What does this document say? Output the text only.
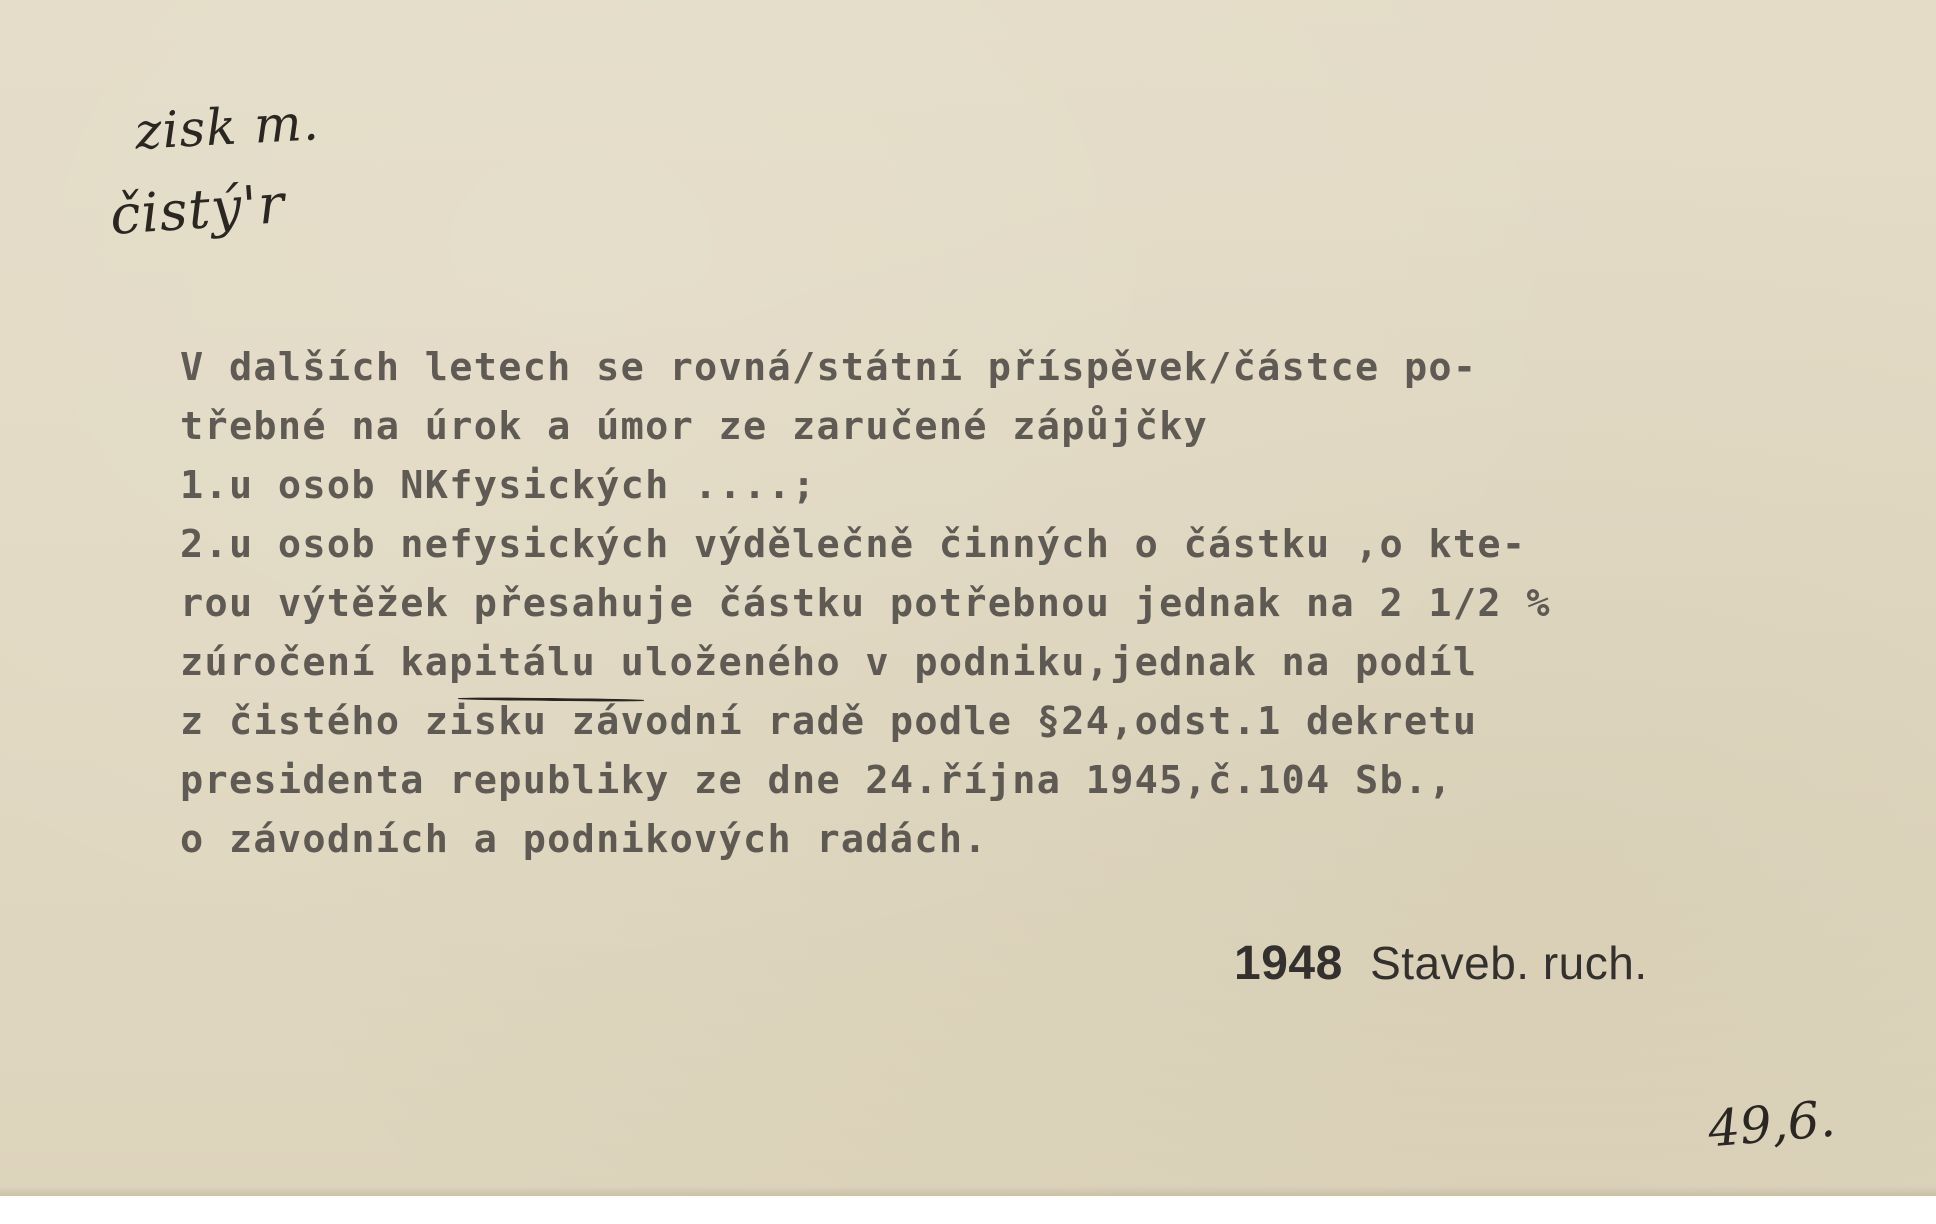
zisk m.
čistý'r
V dalších letech se rovná/státní příspěvek/částce po-
třebné na úrok a úmor ze zaručené zápůjčky
1.u osob NKfysických ....;
2.u osob nefysických výdělečně činných o částku ,o kte-
rou výtěžek přesahuje částku potřebnou jednak na 2 1/2 %
zúročení kapitálu uloženého v podniku,jednak na podíl
z čistého zisku závodní radě podle §24,odst.1 dekretu
presidenta republiky ze dne 24.října 1945,č.104 Sb.,
o závodních a podnikových radách.
1948 Staveb. ruch.
49,6.
